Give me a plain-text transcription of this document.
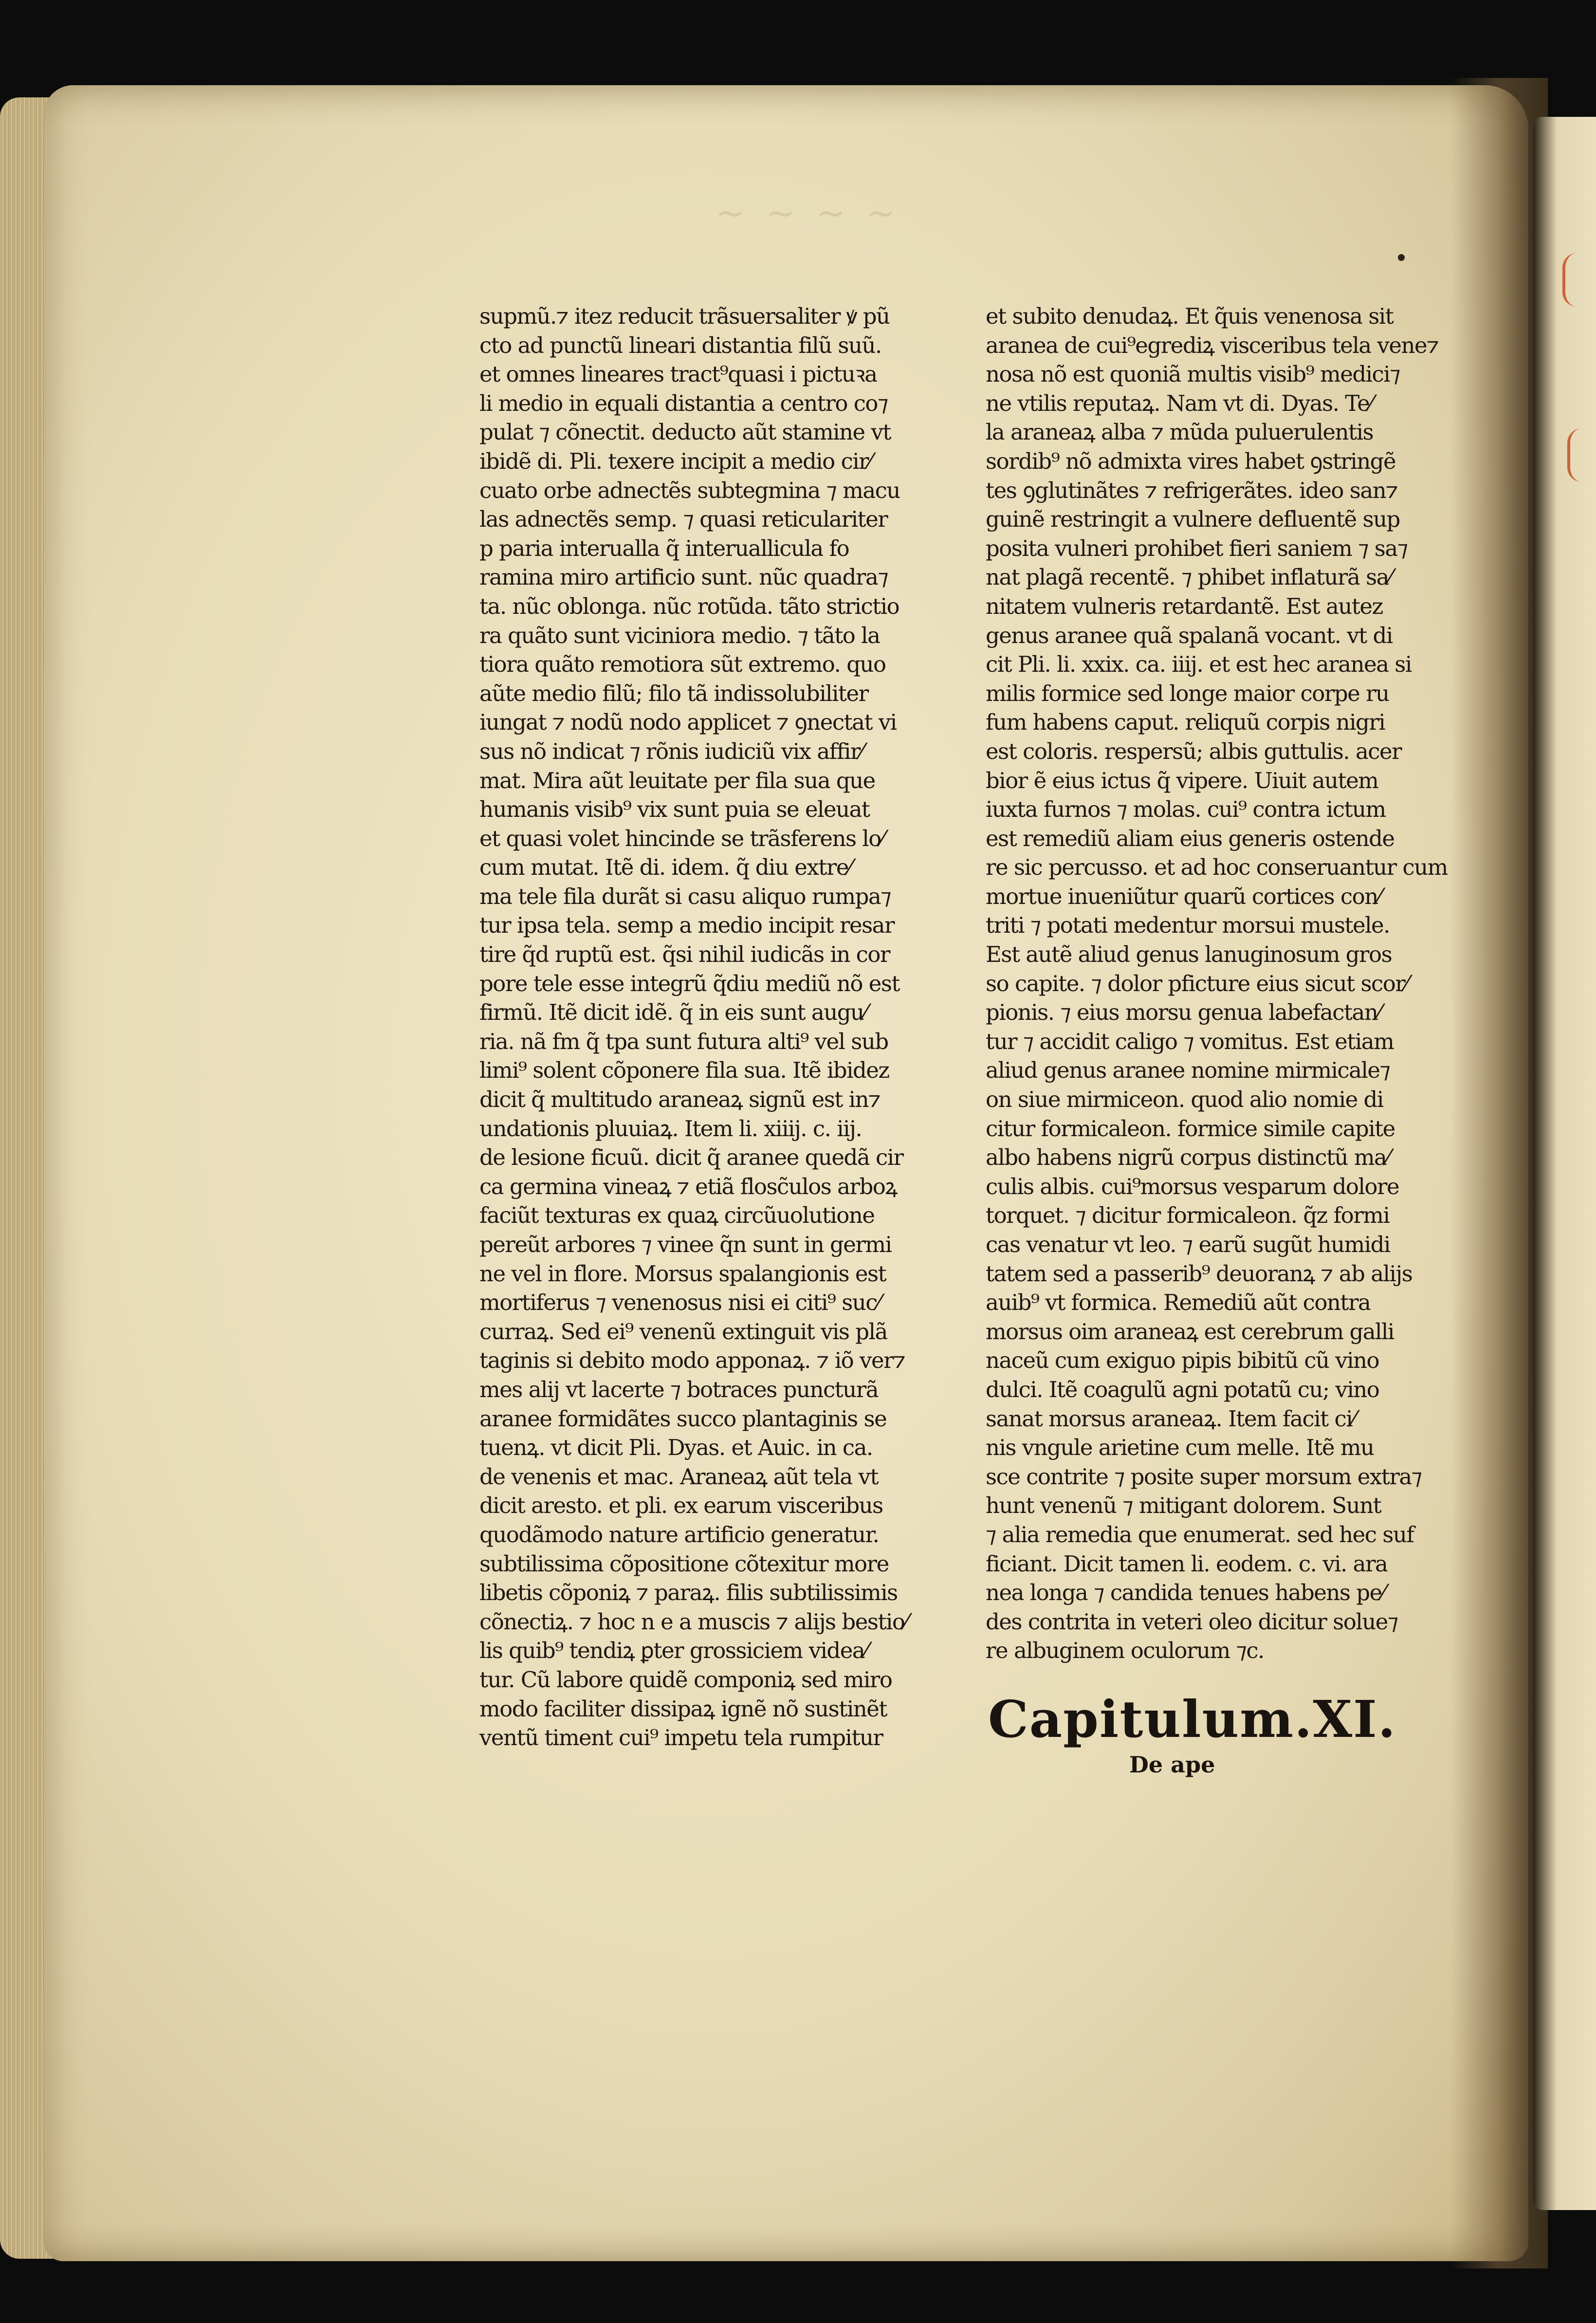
~ ~ ~ ~
supmũ.⁊ itez reducit trãsuersaliter ꝟ pũ
cto ad punctũ lineari distantia filũ suũ.
et omnes lineares tract⁹quasi i pictuꝛa
li medio in equali distantia a centro co⁊
pulat ⁊ cõnectit. deducto aũt stamine vt
ibidẽ di. Pli. texere incipit a medio cir⁄
cuato orbe adnectẽs subtegmina ⁊ macu
las adnectẽs semp. ⁊ quasi reticulariter
p paria interualla q̃ interuallicula fo
ramina miro artificio sunt. nũc quadra⁊
ta. nũc oblonga. nũc rotũda. tãto strictio
ra quãto sunt viciniora medio. ⁊ tãto la
tiora quãto remotiora sũt extremo. quo
aũte medio filũ; filo tã indissolubiliter
iungat ⁊ nodũ nodo applicet ⁊ ꝯnectat vi
sus nõ indicat ⁊ rõnis iudiciũ vix affir⁄
mat. Mira aũt leuitate per fila sua que
humanis visib⁹ vix sunt puia se eleuat
et quasi volet hincinde se trãsferens lo⁄
cum mutat. Itẽ di. idem. q̃ diu extre⁄
ma tele fila durãt si casu aliquo rumpa⁊
tur ipsa tela. semp a medio incipit resar
tire q̃d ruptũ est. q̃si nihil iudicãs in cor
pore tele esse integrũ q̃diu mediũ nõ est
firmũ. Itẽ dicit idẽ. q̃ in eis sunt augu⁄
ria. nã fm q̃ tpa sunt futura alti⁹ vel sub
limi⁹ solent cõponere fila sua. Itẽ ibidez
dicit q̃ multitudo araneaꝝ signũ est in⁊
undationis pluuiaꝝ. Item li. xiiij. c. iij.
de lesione ficuũ. dicit q̃ aranee quedã cir
ca germina vineaꝝ ⁊ etiã flosc̃ulos arboꝝ
faciũt texturas ex quaꝝ circũuolutione
pereũt arbores ⁊ vinee q̃n sunt in germi
ne vel in flore. Morsus spalangionis est
mortiferus ⁊ venenosus nisi ei citi⁹ suc⁄
curraꝝ. Sed ei⁹ venenũ extinguit vis plã
taginis si debito modo apponaꝝ. ⁊ iõ ver⁊
mes alij vt lacerte ⁊ botraces puncturã
aranee formidãtes succo plantaginis se
tuenꝝ. vt dicit Pli. Dyas. et Auic. in ca.
de venenis et mac. Araneaꝝ aũt tela vt
dicit aresto. et pli. ex earum visceribus
quodãmodo nature artificio generatur.
subtilissima cõpositione cõtexitur more
libetis cõponiꝝ ⁊ paraꝝ. filis subtilissimis
cõnectiꝝ. ⁊ hoc n e a muscis ⁊ alijs bestio⁄
lis quib⁹ tendiꝝ ꝑter grossiciem videa⁄
tur. Cũ labore quidẽ componiꝝ sed miro
modo faciliter dissipaꝝ ignẽ nõ sustinẽt
ventũ timent cui⁹ impetu tela rumpitur
et subito denudaꝝ. Et q̃uis venenosa sit
aranea de cui⁹egrediꝝ visceribus tela vene⁊
nosa nõ est quoniã multis visib⁹ medici⁊
ne vtilis reputaꝝ. Nam vt di. Dyas. Te⁄
la araneaꝝ alba ⁊ mũda puluerulentis
sordib⁹ nõ admixta vires habet ꝯstringẽ
tes ꝯglutinãtes ⁊ refrigerãtes. ideo san⁊
guinẽ restringit a vulnere defluentẽ sup
posita vulneri prohibet fieri saniem ⁊ sa⁊
nat plagã recentẽ. ⁊ phibet inflaturã sa⁄
nitatem vulneris retardantẽ. Est autez
genus aranee quã spalanã vocant. vt di
cit Pli. li. xxix. ca. iiij. et est hec aranea si
milis formice sed longe maior corpe ru
fum habens caput. reliquũ corpis nigri
est coloris. respersũ; albis guttulis. acer
bior ẽ eius ictus q̃ vipere. Uiuit autem
iuxta furnos ⁊ molas. cui⁹ contra ictum
est remediũ aliam eius generis ostende
re sic percusso. et ad hoc conseruantur cum
mortue inueniũtur quarũ cortices con⁄
triti ⁊ potati medentur morsui mustele.
Est autẽ aliud genus lanuginosum gros
so capite. ⁊ dolor pficture eius sicut scor⁄
pionis. ⁊ eius morsu genua labefactan⁄
tur ⁊ accidit caligo ⁊ vomitus. Est etiam
aliud genus aranee nomine mirmicale⁊
on siue mirmiceon. quod alio nomie di
citur formicaleon. formice simile capite
albo habens nigrũ corpus distinctũ ma⁄
culis albis. cui⁹morsus vesparum dolore
torquet. ⁊ dicitur formicaleon. q̃z formi
cas venatur vt leo. ⁊ earũ sugũt humidi
tatem sed a passerib⁹ deuoranꝝ ⁊ ab alijs
auib⁹ vt formica. Remediũ aũt contra
morsus oim araneaꝝ est cerebrum galli
naceũ cum exiguo pipis bibitũ cũ vino
dulci. Itẽ coagulũ agni potatũ cu; vino
sanat morsus araneaꝝ. Item facit ci⁄
nis vngule arietine cum melle. Itẽ mu
sce contrite ⁊ posite super morsum extra⁊
hunt venenũ ⁊ mitigant dolorem. Sunt
⁊ alia remedia que enumerat. sed hec suf
ficiant. Dicit tamen li. eodem. c. vi. ara
nea longa ⁊ candida tenues habens pe⁄
des contrita in veteri oleo dicitur solue⁊
re albuginem oculorum ⁊c.
Capitulum.XI.
De ape
